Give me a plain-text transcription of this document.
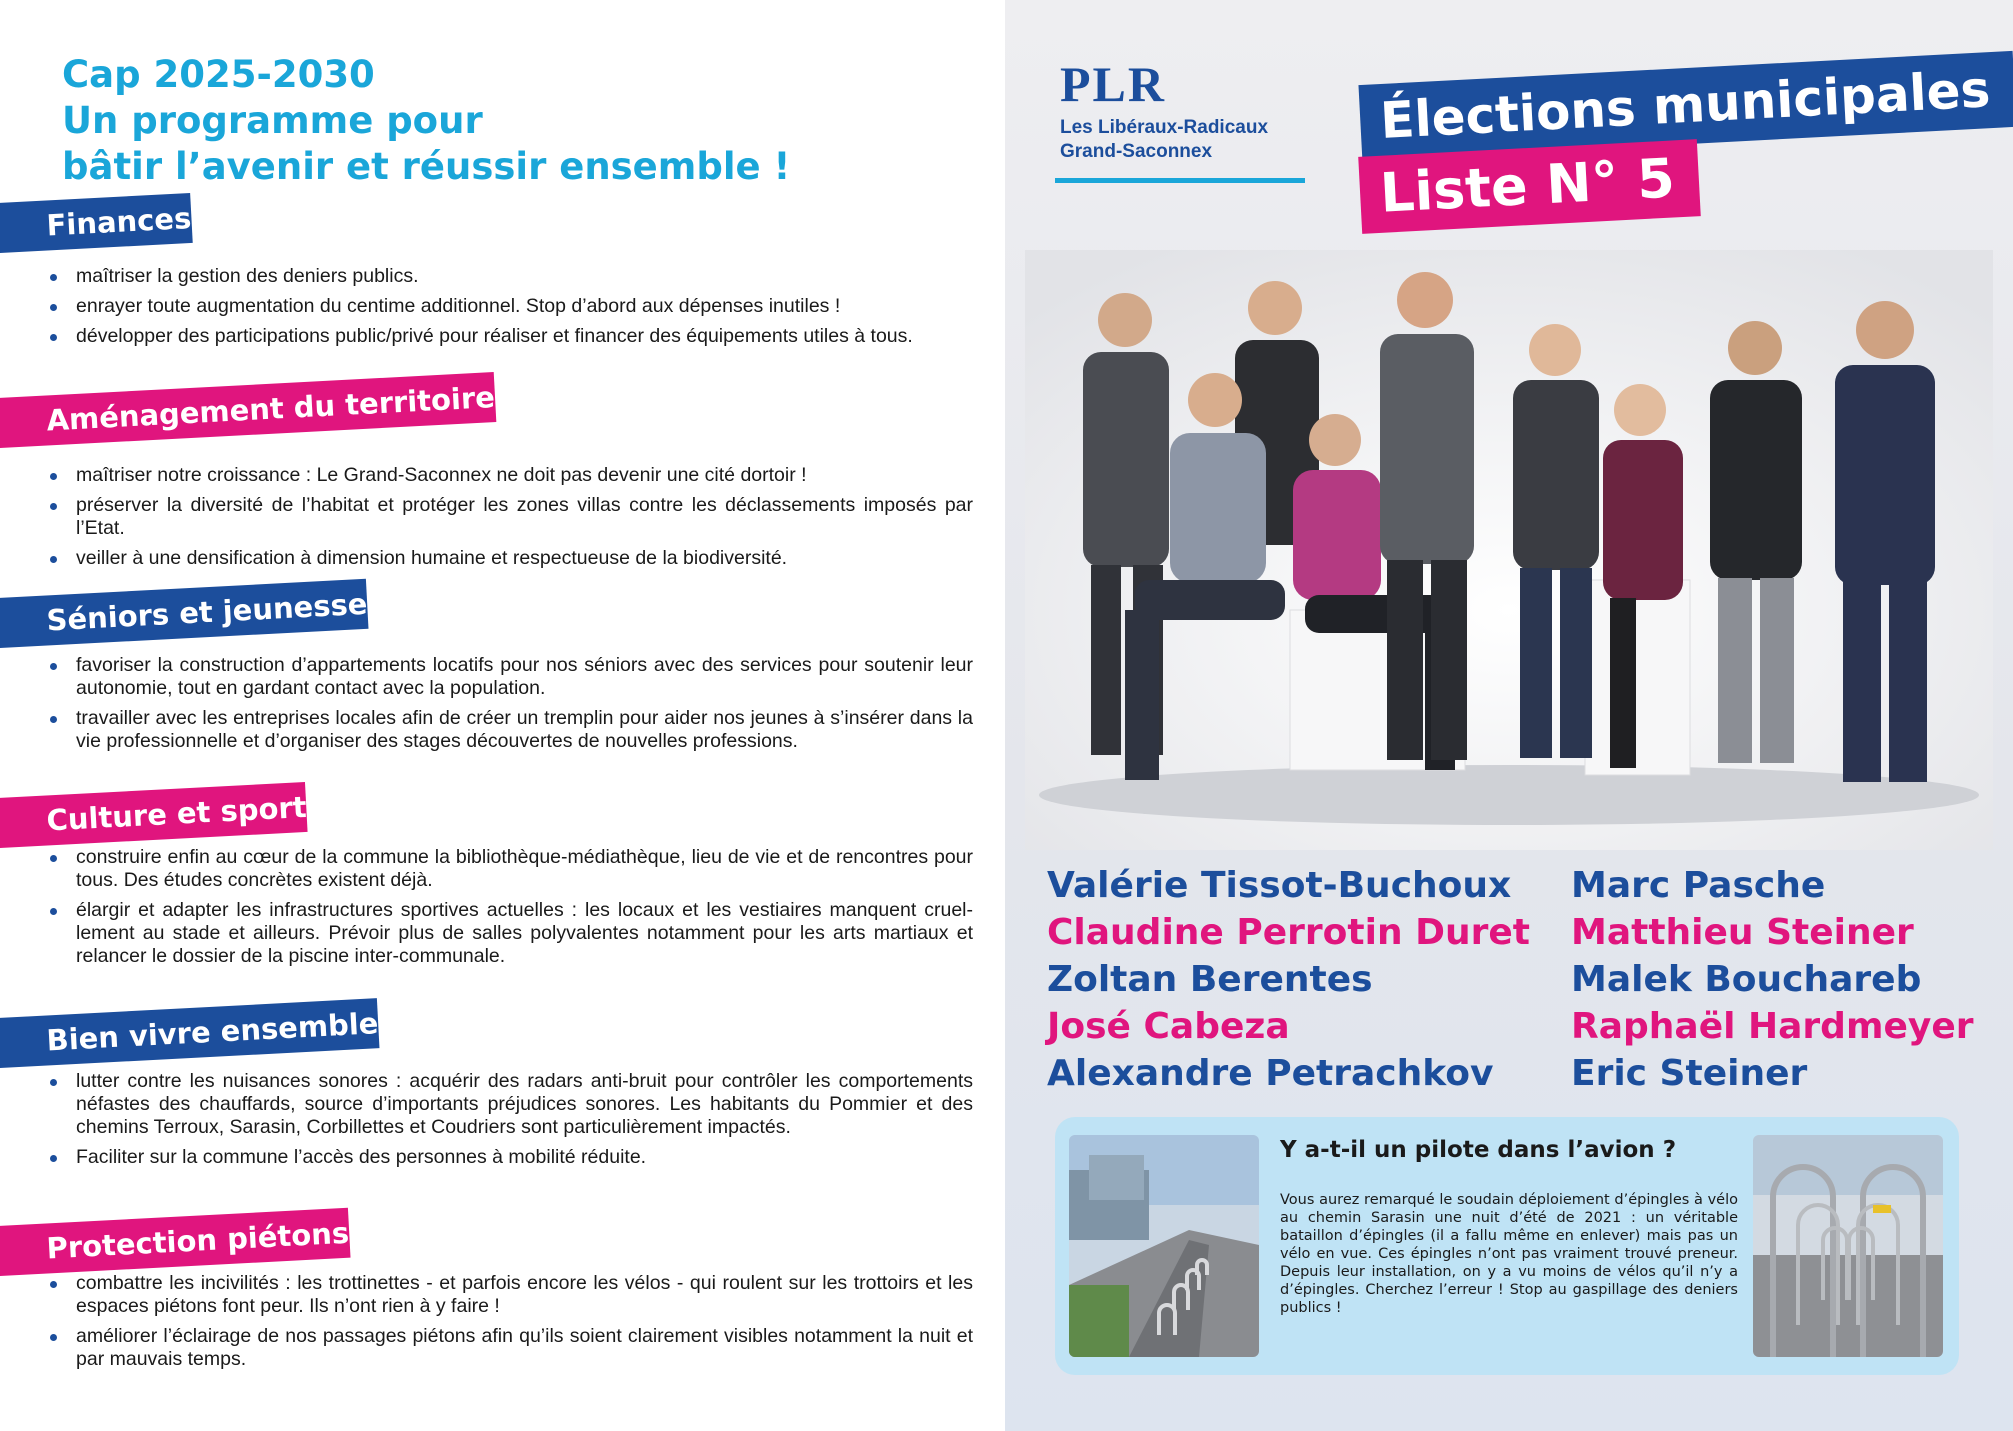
Cap 2025-2030
Un programme pour
bâtir l’avenir et réussir ensemble !
Finances
maîtriser la gestion des deniers publics.
enrayer toute augmentation du centime additionnel. Stop d’abord aux dépenses inutiles !
développer des participations public/privé pour réaliser et financer des équipements utiles à tous.
Aménagement du territoire
maîtriser notre croissance : Le Grand-Saconnex ne doit pas devenir une cité dortoir !
préserver la diversité de l’habitat et protéger les zones villas contre les déclassements imposés par l’Etat.
veiller à une densification à dimension humaine et respectueuse de la biodiversité.
Séniors et jeunesse
favoriser la construction d’appartements locatifs pour nos séniors avec des services pour soutenir leur autonomie, tout en gardant contact avec la population.
travailler avec les entreprises locales afin de créer un tremplin pour aider nos jeunes à s’insérer dans la vie professionnelle et d’organiser des stages découvertes de nouvelles professions.
Culture et sport
construire enfin au cœur de la commune la bibliothèque-médiathèque, lieu de vie et de rencontres pour tous. Des études concrètes existent déjà.
élargir et adapter les infrastructures sportives actuelles : les locaux et les vestiaires manquent cruel-lement au stade et ailleurs. Prévoir plus de salles polyvalentes notamment pour les arts martiaux et relancer le dossier de la piscine inter-communale.
Bien vivre ensemble
lutter contre les nuisances sonores : acquérir des radars anti-bruit pour contrôler les comportements néfastes des chauffards, source d’importants préjudices sonores. Les habitants du Pommier et des chemins Terroux, Sarasin, Corbillettes et Coudriers sont particulièrement impactés.
Faciliter sur la commune l’accès des personnes à mobilité réduite.
Protection piétons
combattre les incivilités : les trottinettes - et parfois encore les vélos - qui roulent sur les trottoirs et les espaces piétons font peur. Ils n’ont rien à y faire !
améliorer l’éclairage de nos passages piétons afin qu’ils soient clairement visibles notamment la nuit et par mauvais temps.
PLR
Les Libéraux-Radicaux
Grand-Saconnex
Élections municipales
Liste N° 5
Valérie Tissot-Buchoux
Claudine Perrotin Duret
Zoltan Berentes
José Cabeza
Alexandre Petrachkov
Marc Pasche
Matthieu Steiner
Malek Bouchareb
Raphaël Hardmeyer
Eric Steiner
Y a-t-il un pilote dans l’avion ?
Vous aurez remarqué le soudain déploiement d’épingles à vélo au chemin Sarasin une nuit d’été de 2021 : un véritable bataillon d’épingles (il a fallu même en enlever) mais pas un vélo en vue. Ces épingles n’ont pas vraiment trouvé preneur. Depuis leur installation, on y a vu moins de vélos qu’il n’y a d’épingles. Cherchez l’erreur ! Stop au gaspillage des deniers publics !
